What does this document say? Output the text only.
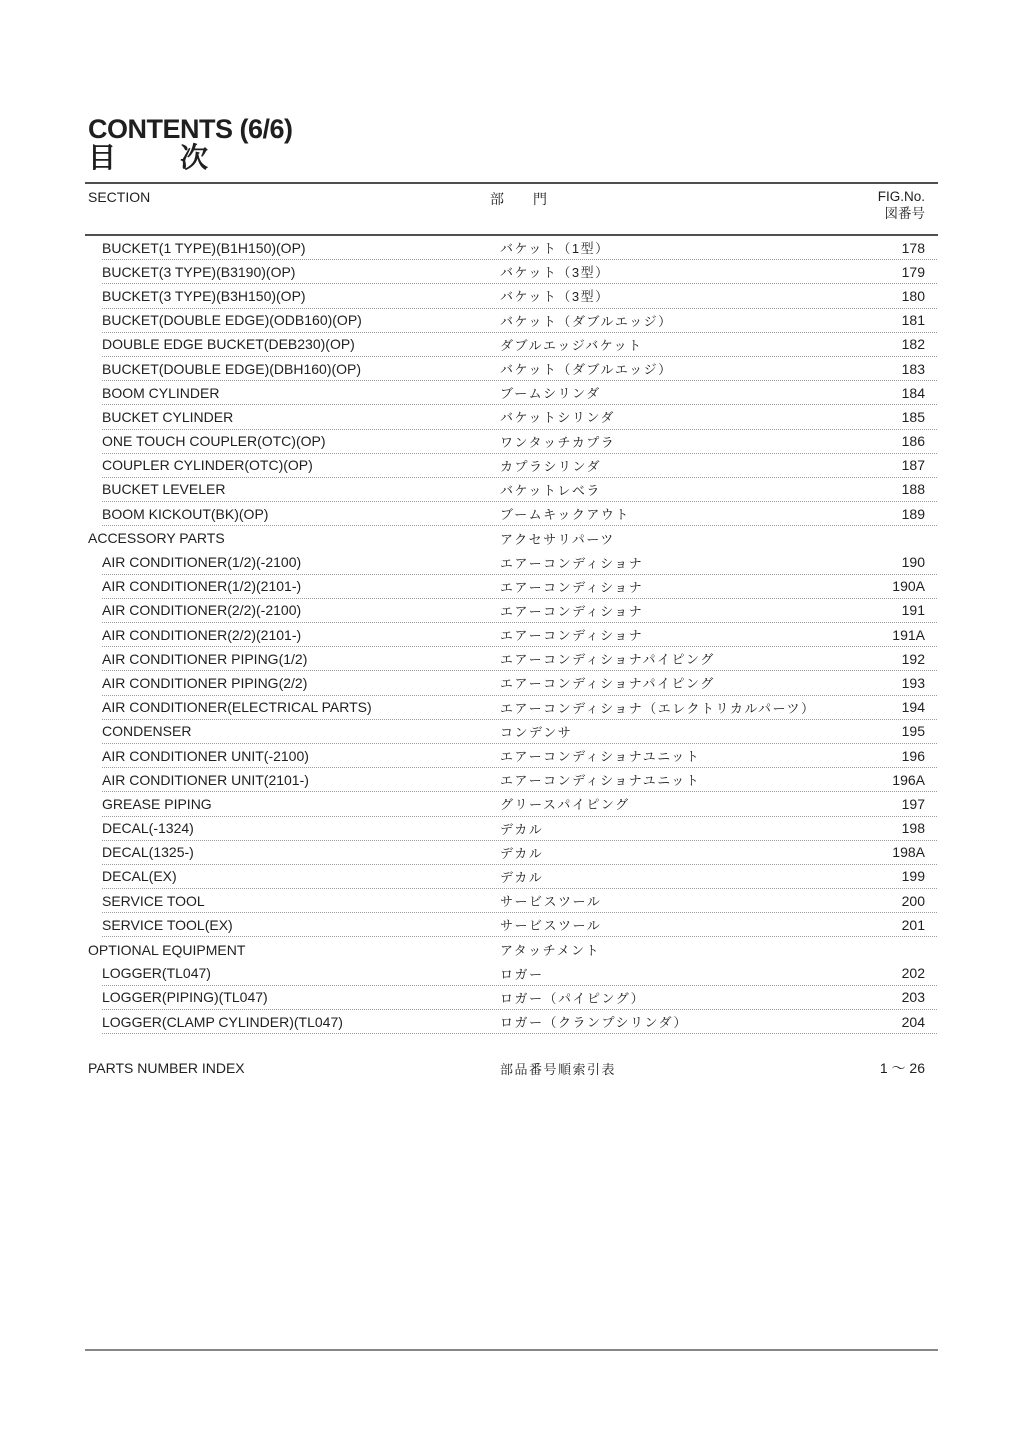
CONTENTS (6/6)
目 次
SECTION	部 門	FIG.No.
図番号
BUCKET(1 TYPE)(B1H150)(OP)	バケット（1型）	178
BUCKET(3 TYPE)(B3190)(OP)	バケット（3型）	179
BUCKET(3 TYPE)(B3H150)(OP)	バケット（3型）	180
BUCKET(DOUBLE EDGE)(ODB160)(OP)	バケット（ダブルエッジ）	181
DOUBLE EDGE BUCKET(DEB230)(OP)	ダブルエッジバケット	182
BUCKET(DOUBLE EDGE)(DBH160)(OP)	バケット（ダブルエッジ）	183
BOOM CYLINDER	ブームシリンダ	184
BUCKET CYLINDER	バケットシリンダ	185
ONE TOUCH COUPLER(OTC)(OP)	ワンタッチカプラ	186
COUPLER CYLINDER(OTC)(OP)	カプラシリンダ	187
BUCKET LEVELER	バケットレベラ	188
BOOM KICKOUT(BK)(OP)	ブームキックアウト	189
ACCESSORY PARTS	アクセサリパーツ
AIR CONDITIONER(1/2)(-2100)	エアーコンディショナ	190
AIR CONDITIONER(1/2)(2101-)	エアーコンディショナ	190A
AIR CONDITIONER(2/2)(-2100)	エアーコンディショナ	191
AIR CONDITIONER(2/2)(2101-)	エアーコンディショナ	191A
AIR CONDITIONER PIPING(1/2)	エアーコンディショナパイピング	192
AIR CONDITIONER PIPING(2/2)	エアーコンディショナパイピング	193
AIR CONDITIONER(ELECTRICAL PARTS)	エアーコンディショナ（エレクトリカルパーツ）	194
CONDENSER	コンデンサ	195
AIR CONDITIONER UNIT(-2100)	エアーコンディショナユニット	196
AIR CONDITIONER UNIT(2101-)	エアーコンディショナユニット	196A
GREASE PIPING	グリースパイピング	197
DECAL(-1324)	デカル	198
DECAL(1325-)	デカル	198A
DECAL(EX)	デカル	199
SERVICE TOOL	サービスツール	200
SERVICE TOOL(EX)	サービスツール	201
OPTIONAL EQUIPMENT	アタッチメント
LOGGER(TL047)	ロガー	202
LOGGER(PIPING)(TL047)	ロガー（パイピング）	203
LOGGER(CLAMP CYLINDER)(TL047)	ロガー（クランプシリンダ）	204
PARTS NUMBER INDEX	部品番号順索引表	1 ～ 26
